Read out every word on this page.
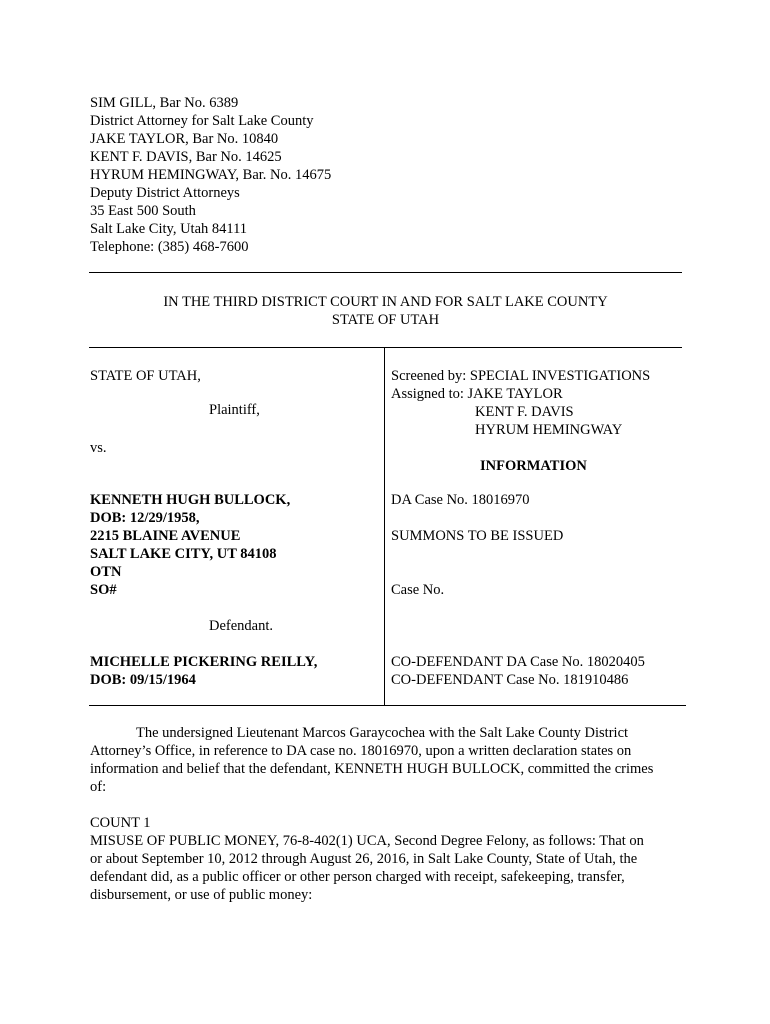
SIM GILL, Bar No. 6389
District Attorney for Salt Lake County
JAKE TAYLOR, Bar No. 10840
KENT F. DAVIS, Bar No. 14625
HYRUM HEMINGWAY, Bar. No. 14675
Deputy District Attorneys
35 East 500 South
Salt Lake City, Utah 84111
Telephone: (385) 468-7600
IN THE THIRD DISTRICT COURT IN AND FOR SALT LAKE COUNTY
STATE OF UTAH
STATE OF UTAH,
Plaintiff,
vs.
KENNETH HUGH BULLOCK,
DOB: 12/29/1958,
2215 BLAINE AVENUE
SALT LAKE CITY, UT 84108
OTN
SO#
Defendant.
MICHELLE PICKERING REILLY,
DOB: 09/15/1964
Screened by: SPECIAL INVESTIGATIONS
Assigned to: JAKE TAYLOR
KENT F. DAVIS
HYRUM HEMINGWAY
INFORMATION
DA Case No. 18016970
SUMMONS TO BE ISSUED
Case No.
CO-DEFENDANT DA Case No. 18020405
CO-DEFENDANT Case No. 181910486
The undersigned Lieutenant Marcos Garaycochea with the Salt Lake County District
Attorney’s Office, in reference to DA case no. 18016970, upon a written declaration states on
information and belief that the defendant, KENNETH HUGH BULLOCK, committed the crimes
of:
COUNT 1
MISUSE OF PUBLIC MONEY, 76-8-402(1) UCA, Second Degree Felony, as follows: That on
or about September 10, 2012 through August 26, 2016, in Salt Lake County, State of Utah, the
defendant did, as a public officer or other person charged with receipt, safekeeping, transfer,
disbursement, or use of public money:
